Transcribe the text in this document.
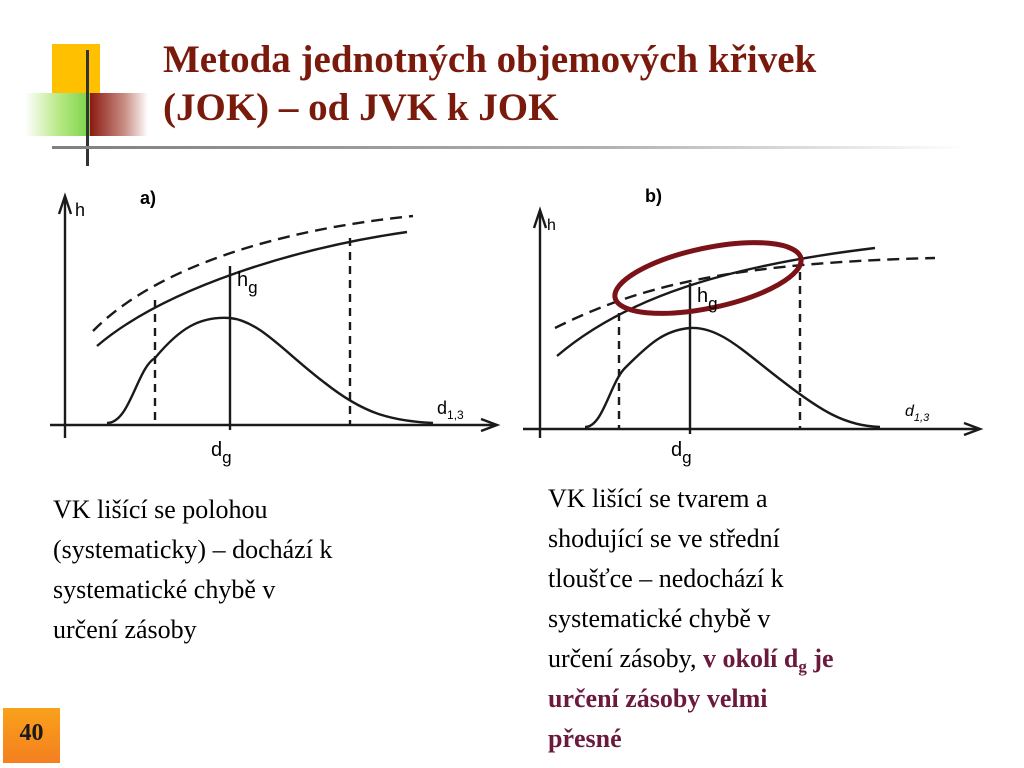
Metoda jednotných objemových křivek
(JOK) – od JVK k JOK
a)
h
$h_g$
$d_{1,3}$
$d_g$
b)
h
$h_g$
$d_{1,3}$
$d_g$
VK lišící se polohou
(systematicky) – dochází k
systematické chybě v
určení zásoby
VK lišící se tvarem a
shodující se ve střední
tloušťce – nedochází k
systematické chybě v
určení zásoby, v okolí $d_g$ je
určení zásoby velmi
přesné
40
